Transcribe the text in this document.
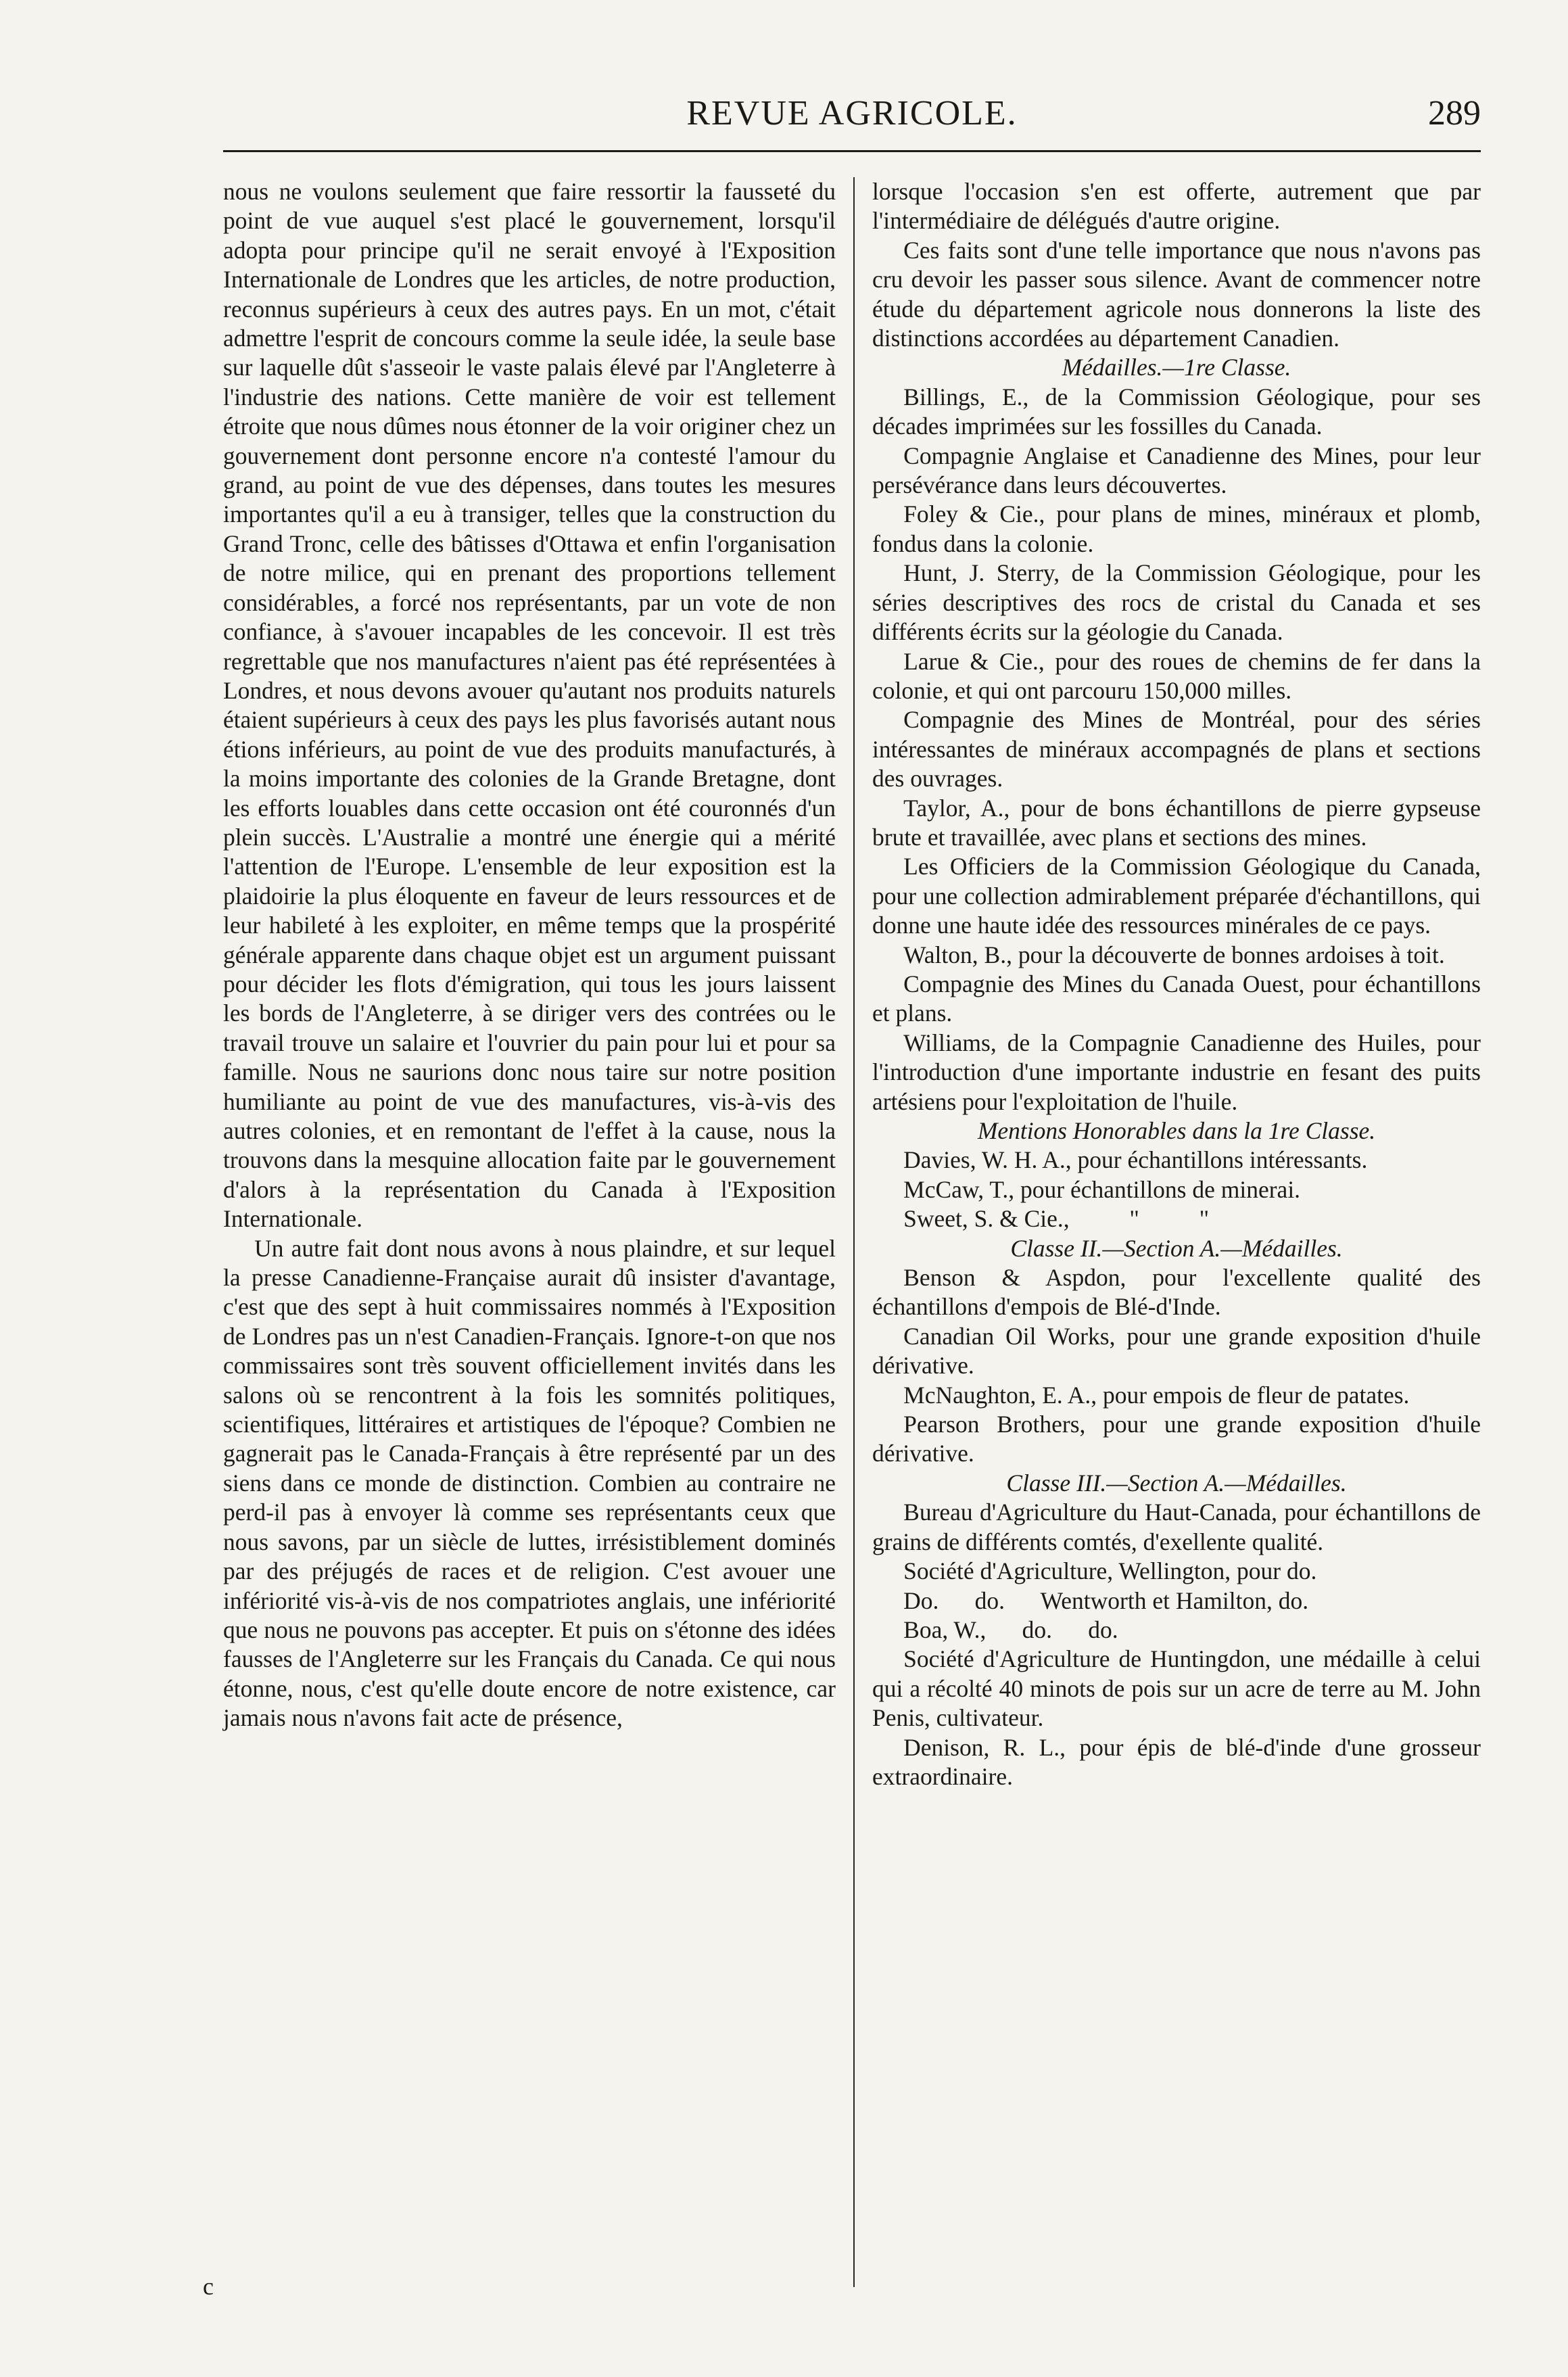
REVUE AGRICOLE.	289

nous ne voulons seulement que faire ressortir la fausseté du point de vue auquel s'est placé le gouvernement, lorsqu'il adopta pour principe qu'il ne serait envoyé à l'Exposition Internationale de Londres que les articles, de notre production, reconnus supérieurs à ceux des autres pays. En un mot, c'était admettre l'esprit de concours comme la seule idée, la seule base sur laquelle dût s'asseoir le vaste palais élevé par l'Angleterre à l'industrie des nations. Cette manière de voir est tellement étroite que nous dûmes nous étonner de la voir originer chez un gouvernement dont personne encore n'a contesté l'amour du grand, au point de vue des dépenses, dans toutes les mesures importantes qu'il a eu à transiger, telles que la construction du Grand Tronc, celle des bâtisses d'Ottawa et enfin l'organisation de notre milice, qui en prenant des proportions tellement considérables, a forcé nos représentants, par un vote de non confiance, à s'avouer incapables de les concevoir. Il est très regrettable que nos manufactures n'aient pas été représentées à Londres, et nous devons avouer qu'autant nos produits naturels étaient supérieurs à ceux des pays les plus favorisés autant nous étions inférieurs, au point de vue des produits manufacturés, à la moins importante des colonies de la Grande Bretagne, dont les efforts louables dans cette occasion ont été couronnés d'un plein succès. L'Australie a montré une énergie qui a mérité l'attention de l'Europe. L'ensemble de leur exposition est la plaidoirie la plus éloquente en faveur de leurs ressources et de leur habileté à les exploiter, en même temps que la prospérité générale apparente dans chaque objet est un argument puissant pour décider les flots d'émigration, qui tous les jours laissent les bords de l'Angleterre, à se diriger vers des contrées ou le travail trouve un salaire et l'ouvrier du pain pour lui et pour sa famille. Nous ne saurions donc nous taire sur notre position humiliante au point de vue des manufactures, vis-à-vis des autres colonies, et en remontant de l'effet à la cause, nous la trouvons dans la mesquine allocation faite par le gouvernement d'alors à la représentation du Canada à l'Exposition Internationale.

Un autre fait dont nous avons à nous plaindre, et sur lequel la presse Canadienne-Française aurait dû insister d'avantage, c'est que des sept à huit commissaires nommés à l'Exposition de Londres pas un n'est Canadien-Français. Ignore-t-on que nos commissaires sont très souvent officiellement invités dans les salons où se rencontrent à la fois les somnités politiques, scientifiques, littéraires et artistiques de l'époque? Combien ne gagnerait pas le Canada-Français à être représenté par un des siens dans ce monde de distinction. Combien au contraire ne perd-il pas à envoyer là comme ses représentants ceux que nous savons, par un siècle de luttes, irrésistiblement dominés par des préjugés de races et de religion. C'est avouer une infériorité vis-à-vis de nos compatriotes anglais, une infériorité que nous ne pouvons pas accepter. Et puis on s'étonne des idées fausses de l'Angleterre sur les Français du Canada. Ce qui nous étonne, nous, c'est qu'elle doute encore de notre existence, car jamais nous n'avons fait acte de présence,

lorsque l'occasion s'en est offerte, autrement que par l'intermédiaire de délégués d'autre origine.

Ces faits sont d'une telle importance que nous n'avons pas cru devoir les passer sous silence. Avant de commencer notre étude du département agricole nous donnerons la liste des distinctions accordées au département Canadien.

Médailles.—1re Classe.

Billings, E., de la Commission Géologique, pour ses décades imprimées sur les fossilles du Canada.

Compagnie Anglaise et Canadienne des Mines, pour leur persévérance dans leurs découvertes.

Foley & Cie., pour plans de mines, minéraux et plomb, fondus dans la colonie.

Hunt, J. Sterry, de la Commission Géologique, pour les séries descriptives des rocs de cristal du Canada et ses différents écrits sur la géologie du Canada.

Larue & Cie., pour des roues de chemins de fer dans la colonie, et qui ont parcouru 150,000 milles.

Compagnie des Mines de Montréal, pour des séries intéressantes de minéraux accompagnés de plans et sections des ouvrages.

Taylor, A., pour de bons échantillons de pierre gypseuse brute et travaillée, avec plans et sections des mines.

Les Officiers de la Commission Géologique du Canada, pour une collection admirablement préparée d'échantillons, qui donne une haute idée des ressources minérales de ce pays.

Walton, B., pour la découverte de bonnes ardoises à toit.

Compagnie des Mines du Canada Ouest, pour échantillons et plans.

Williams, de la Compagnie Canadienne des Huiles, pour l'introduction d'une importante industrie en fesant des puits artésiens pour l'exploitation de l'huile.

Mentions Honorables dans la 1re Classe.

Davies, W. H. A., pour échantillons intéressants.

McCaw, T., pour échantillons de minerai.

Sweet, S. & Cie.,          "          "

Classe II.—Section A.—Médailles.

Benson & Aspdon, pour l'excellente qualité des échantillons d'empois de Blé-d'Inde.

Canadian Oil Works, pour une grande exposition d'huile dérivative.

McNaughton, E. A., pour empois de fleur de patates.

Pearson Brothers, pour une grande exposition d'huile dérivative.

Classe III.—Section A.—Médailles.

Bureau d'Agriculture du Haut-Canada, pour échantillons de grains de différents comtés, d'exellente qualité.

Société d'Agriculture, Wellington, pour do.

Do.      do.      Wentworth et Hamilton, do.

Boa, W.,      do.      do.

Société d'Agriculture de Huntingdon, une médaille à celui qui a récolté 40 minots de pois sur un acre de terre au M. John Penis, cultivateur.

Denison, R. L., pour épis de blé-d'inde d'une grosseur extraordinaire.

c
